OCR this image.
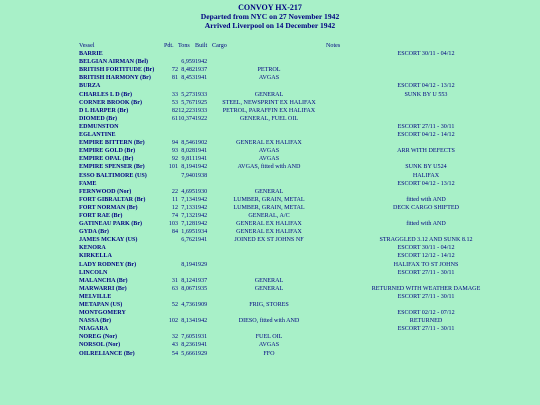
CONVOY HX-217
Departed from NYC on 27 November 1942
Arrived Liverpool on 14 December 1942
Vessel	Pdt.	Tons	Built	Cargo	Notes
BARRIE					ESCORT 30/11 - 04/12
BELGIAN AIRMAN (Bel)		6,959	1942		
BRITISH FORTITUDE (Br)	72	8,482	1937	PETROL	
BRITISH HARMONY (Br)	81	8,453	1941	AVGAS	
BURZA					ESCORT 04/12 - 13/12
CHARLES L D (Br)	33	5,273	1933	GENERAL	SUNK BY U 553
CORNER BROOK (Br)	53	5,767	1925	STEEL, NEWSPRINT EX HALIFAX	
D L HARPER (Br)	82	12,223	1933	PETROL, PARAFFIN EX HALIFAX	
DIOMED (Br)	61	10,374	1922	GENERAL, FUEL OIL	
EDMUNSTON					ESCORT 27/11 - 30/11
EGLANTINE					ESCORT 04/12 - 14/12
EMPIRE BITTERN (Br)	94	8,546	1902	GENERAL EX HALIFAX	
EMPIRE GOLD (Br)	93	8,028	1941	AVGAS	ARR WITH DEFECTS
EMPIRE OPAL (Br)	92	9,811	1941	AVGAS	
EMPIRE SPENSER (Br)	101	8,194	1942	AVGAS, fitted with AND	SUNK BY U524
ESSO BALTIMORE (US)		7,940	1938		HALIFAX
FAME					ESCORT 04/12 - 13/12
FERNWOOD (Nor)	22	4,695	1930	GENERAL	
FORT GIBRALTAR (Br)	11	7,134	1942	LUMBER, GRAIN, METAL	fitted with AND
FORT NORMAN (Br)	12	7,133	1942	LUMBER, GRAIN, METAL	DECK CARGO SHIFTED
FORT RAE (Br)	74	7,132	1942	GENERAL, A/C	
GATINEAU PARK (Br)	103	7,128	1942	GENERAL EX HALIFAX	fitted with AND
GYDA (Br)	84	1,695	1934	GENERAL EX HALIFAX	
JAMES MCKAY (US)		6,762	1941	JOINED EX ST JOHNS NF	STRAGGLED 3.12 AND SUNK 8.12
KENORA					ESCORT 30/11 - 04/12
KIRKELLA					ESCORT 12/12 - 14/12
LADY RODNEY (Br)		8,194	1929		HALIFAX TO ST JOHNS
LINCOLN					ESCORT 27/11 - 30/11
MALANCHA (Br)	31	8,124	1937	GENERAL	
MARWARRI (Br)	63	8,067	1935	GENERAL	RETURNED WITH WEATHER DAMAGE
MELVILLE					ESCORT 27/11 - 30/11
METAPAN (US)	52	4,736	1909	FRIG, STORES	
MONTGOMERY					ESCORT 02/12 - 07/12
NASSA (Br)	102	8,134	1942	DIESO, fitted with AND	RETURNED
NIAGARA					ESCORT 27/11 - 30/11
NOREG (Nor)	32	7,605	1931	FUEL OIL	
NORSOL (Nor)	43	8,236	1941	AVGAS	
OILRELIANCE (Br)	54	5,666	1929	FFO	
